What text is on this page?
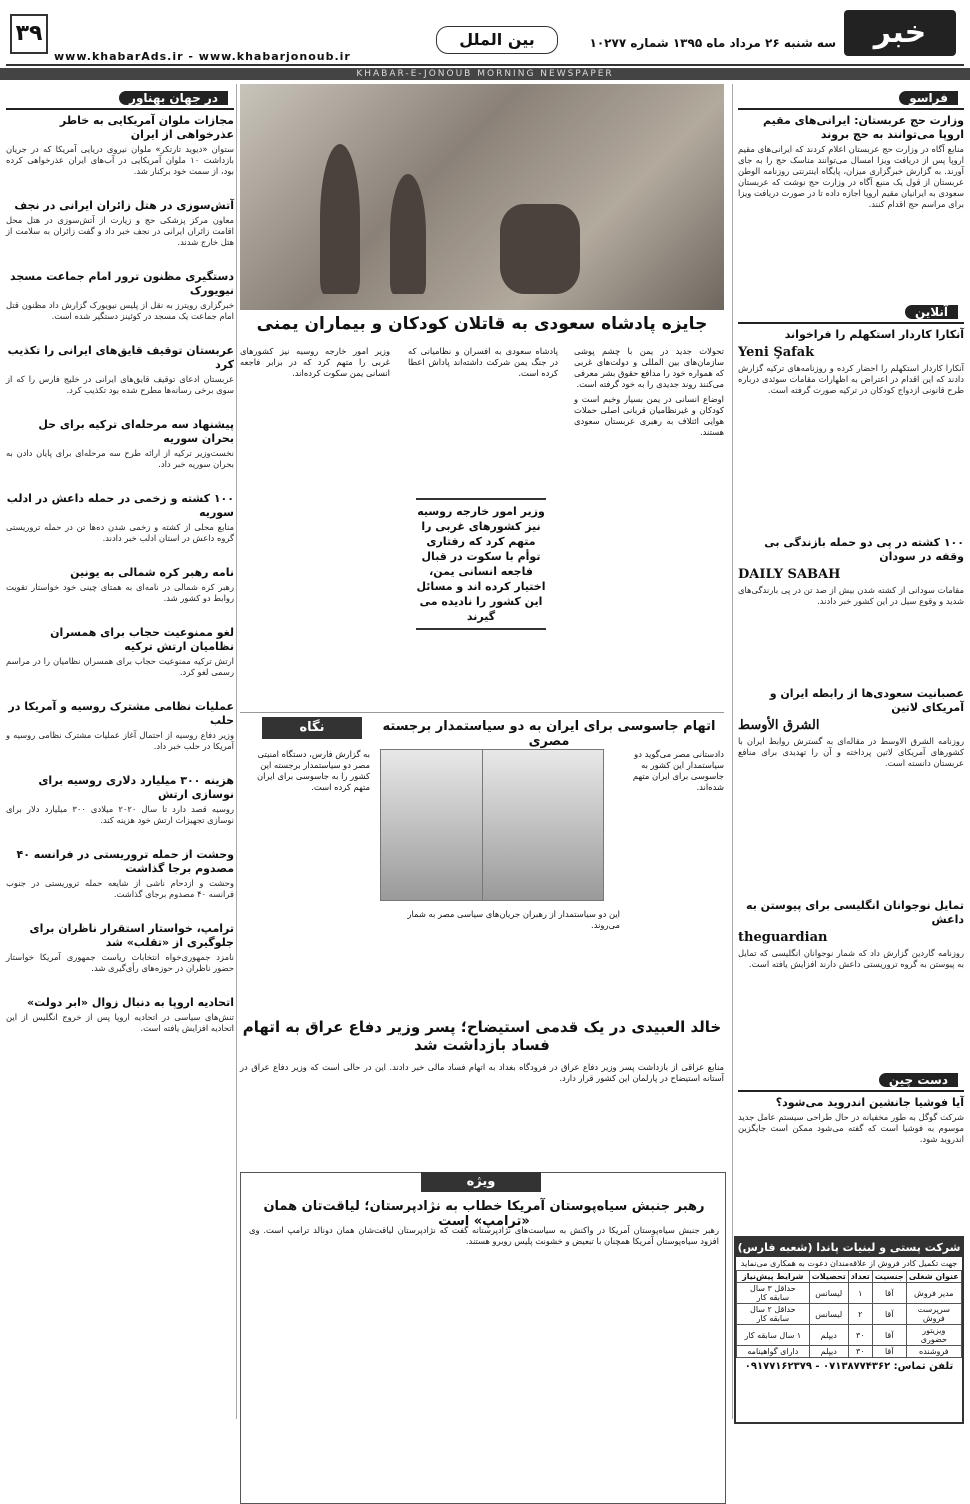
خبر
سه شنبه ۲۶ مرداد ماه ۱۳۹۵ شماره ۱۰۲۷۷
بین الملل
۳۹
www.khabarAds.ir - www.khabarjonoub.ir
KHABAR-E-JONOUB MORNING NEWSPAPER
فراسو
وزارت حج عربستان: ایرانی‌های مقیم اروپا می‌توانند به حج بروند

منابع آگاه در وزارت حج عربستان اعلام کردند که ایرانی‌های مقیم اروپا پس از دریافت ویزا امسال می‌توانند مناسک حج را به جای آورند. به گزارش خبرگزاری میزان، پایگاه اینترنتی روزنامه الوطن عربستان از قول یک منبع آگاه در وزارت حج نوشت که عربستان سعودی به ایرانیان مقیم اروپا اجازه داده تا در صورت دریافت ویزا برای مراسم حج اقدام کنند.

آنلاین
آنکارا کاردار استکهلم را فراخواند
Yeni Şafak

آنکارا کاردار استکهلم را احضار کرده و روزنامه‌های ترکیه گزارش دادند که این اقدام در اعتراض به اظهارات مقامات سوئدی درباره طرح قانونی ازدواج کودکان در ترکیه صورت گرفته است.

۱۰۰ کشته در پی دو حمله بازندگی بی وقفه در سودان
DAILY SABAH

مقامات سودانی از کشته شدن بیش از صد تن در پی بارندگی‌های شدید و وقوع سیل در این کشور خبر دادند.

عصبانیت سعودی‌ها از رابطه ایران و آمریکای لاتین
الشرق الأوسط

روزنامه الشرق الاوسط در مقاله‌ای به گسترش روابط ایران با کشورهای آمریکای لاتین پرداخته و آن را تهدیدی برای منافع عربستان دانسته است.

تمایل نوجوانان انگلیسی برای پیوستن به داعش
theguardian

روزنامه گاردین گزارش داد که شمار نوجوانان انگلیسی که تمایل به پیوستن به گروه تروریستی داعش دارند افزایش یافته است.

دست چین
آیا فوشیا جانشین اندروید می‌شود؟

شرکت گوگل به طور مخفیانه در حال طراحی سیستم عامل جدید موسوم به فوشیا است که گفته می‌شود ممکن است جایگزین اندروید شود.

شرکت پستی و لبنیات پاندا (شعبه فارس)
جهت تکمیل کادر فروش از علاقه‌مندان دعوت به همکاری می‌نماید
عنوان شغلی	جنسیت	تعداد	تحصیلات	شرایط پیش‌نیاز
مدیر فروش	آقا	۱	لیسانس	حداقل ۳ سال سابقه کار
سرپرست فروش	آقا	۲	لیسانس	حداقل ۲ سال سابقه کار
ویزیتور حضوری	آقا	۳۰	دیپلم	۱ سال سابقه کار
فروشنده	آقا	۳۰	دیپلم	دارای گواهینامه
تلفن تماس: ۰۷۱۳۸۷۷۴۳۶۲ - ۰۹۱۷۷۱۶۲۳۷۹
در جهان بهناور
مجازات ملوان آمریکایی به خاطر عذرخواهی از ایران

ستوان «دیوید تارتکر» ملوان نیروی دریایی آمریکا که در جریان بازداشت ۱۰ ملوان آمریکایی در آب‌های ایران عذرخواهی کرده بود، از سمت خود برکنار شد.

آتش‌سوزی در هتل زائران ایرانی در نجف

معاون مرکز پزشکی حج و زیارت از آتش‌سوزی در هتل محل اقامت زائران ایرانی در نجف خبر داد و گفت زائران به سلامت از هتل خارج شدند.

دستگیری مظنون ترور امام جماعت مسجد نیویورک

خبرگزاری رویترز به نقل از پلیس نیویورک گزارش داد مظنون قتل امام جماعت یک مسجد در کوئینز دستگیر شده است.

عربستان توقیف قایق‌های ایرانی را تکذیب کرد

عربستان ادعای توقیف قایق‌های ایرانی در خلیج فارس را که از سوی برخی رسانه‌ها مطرح شده بود تکذیب کرد.

پیشنهاد سه مرحله‌ای ترکیه برای حل بحران سوریه

نخست‌وزیر ترکیه از ارائه طرح سه مرحله‌ای برای پایان دادن به بحران سوریه خبر داد.

۱۰۰ کشته و زخمی در حمله داعش در ادلب سوریه

منابع محلی از کشته و زخمی شدن ده‌ها تن در حمله تروریستی گروه داعش در استان ادلب خبر دادند.

نامه رهبر کره شمالی به یونین

رهبر کره شمالی در نامه‌ای به همتای چینی خود خواستار تقویت روابط دو کشور شد.

لغو ممنوعیت حجاب برای همسران نظامیان ارتش ترکیه

ارتش ترکیه ممنوعیت حجاب برای همسران نظامیان را در مراسم رسمی لغو کرد.

عملیات نظامی مشترک روسیه و آمریکا در حلب

وزیر دفاع روسیه از احتمال آغاز عملیات مشترک نظامی روسیه و آمریکا در حلب خبر داد.

هزینه ۳۰۰ میلیارد دلاری روسیه برای نوسازی ارتش

روسیه قصد دارد تا سال ۲۰۲۰ میلادی ۳۰۰ میلیارد دلار برای نوسازی تجهیزات ارتش خود هزینه کند.

وحشت از حمله تروریستی در فرانسه ۴۰ مصدوم برجا گذاشت

وحشت و ازدحام ناشی از شایعه حمله تروریستی در جنوب فرانسه ۴۰ مصدوم برجای گذاشت.

ترامپ، خواستار استقرار ناظران برای جلوگیری از «تقلب» شد

نامزد جمهوری‌خواه انتخابات ریاست جمهوری آمریکا خواستار حضور ناظران در حوزه‌های رأی‌گیری شد.

اتحادیه اروپا به دنبال زوال «ابر دولت»

تنش‌های سیاسی در اتحادیه اروپا پس از خروج انگلیس از این اتحادیه افزایش یافته است.

جایزه پادشاه سعودی به قاتلان کودکان و بیماران یمنی

تحولات جدید در یمن با چشم پوشی سازمان‌های بین المللی و دولت‌های غربی که همواره خود را مدافع حقوق بشر معرفی می‌کنند روند جدیدی را به خود گرفته است.

اوضاع انسانی در یمن بسیار وخیم است و کودکان و غیرنظامیان قربانی اصلی حملات هوایی ائتلاف به رهبری عربستان سعودی هستند.

پادشاه سعودی به افسران و نظامیانی که در جنگ یمن شرکت داشته‌اند پاداش اعطا کرده است.

وزیر امور خارجه روسیه نیز کشورهای غربی را متهم کرد که رفتاری توأم با سکوت در قبال فاجعه انسانی یمن، اختیار کرده اند و مسائل این کشور را نادیده می گیرند

وزیر امور خارجه روسیه نیز کشورهای غربی را متهم کرد که در برابر فاجعه انسانی یمن سکوت کرده‌اند.

نگاه	اتهام جاسوسی برای ایران به دو سیاستمدار برجسته مصری

دادستانی مصر می‌گوید دو سیاستمدار این کشور به جاسوسی برای ایران متهم شده‌اند.

به گزارش فارس، دستگاه امنیتی مصر دو سیاستمدار برجسته این کشور را به جاسوسی برای ایران متهم کرده است.

این دو سیاستمدار از رهبران جریان‌های سیاسی مصر به شمار می‌روند.

خالد العبیدی در یک قدمی استیضاح؛ پسر وزیر دفاع عراق به اتهام فساد بازداشت شد

منابع عراقی از بازداشت پسر وزیر دفاع عراق در فرودگاه بغداد به اتهام فساد مالی خبر دادند. این در حالی است که وزیر دفاع عراق در آستانه استیضاح در پارلمان این کشور قرار دارد.

ویژه
رهبر جنبش سیاه‌پوستان آمریکا خطاب به نژادپرستان؛ لیاقت‌تان همان «ترامپ» است

رهبر جنبش سیاه‌پوستان آمریکا در واکنش به سیاست‌های نژادپرستانه گفت که نژادپرستان لیاقت‌شان همان دونالد ترامپ است. وی افزود سیاه‌پوستان آمریکا همچنان با تبعیض و خشونت پلیس روبرو هستند.
